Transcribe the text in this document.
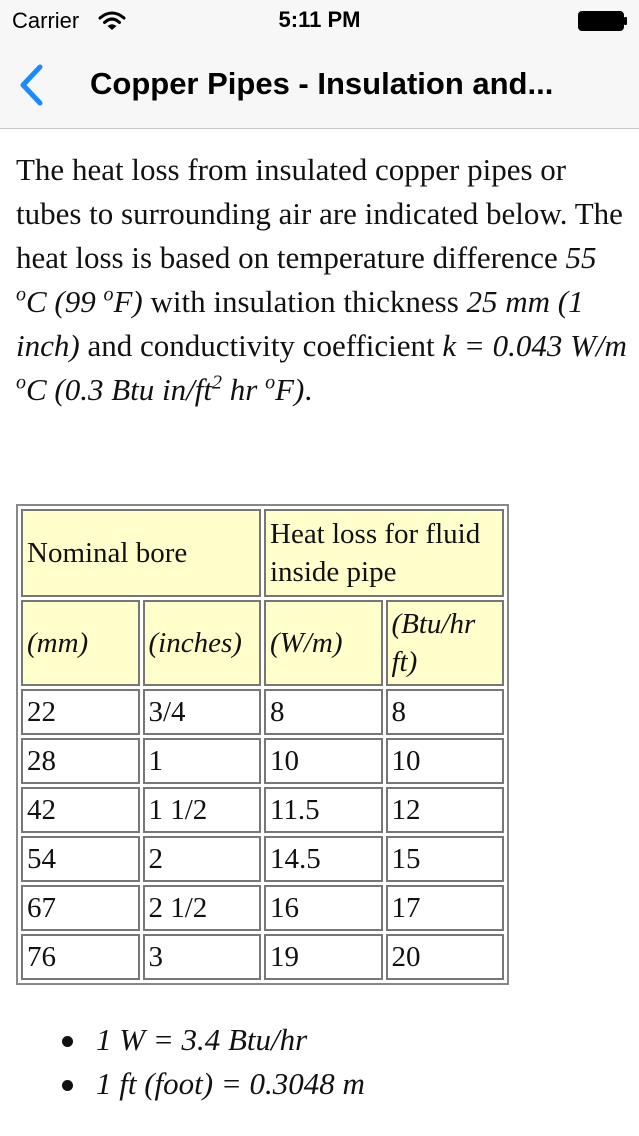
Carrier	5:11 PM
Copper Pipes - Insulation and...

The heat loss from insulated copper pipes or tubes to surrounding air are indicated below. The heat loss is based on temperature difference 55 $^o$C (99 $^o$F) with insulation thickness 25 mm (1 inch) and conductivity coefficient k = 0.043 W/m $^o$C (0.3 Btu $in/ft^2$ hr $^o$F).

Nominal bore		Heat loss for fluid inside pipe	
(mm)	(inches)	(W/m)	(Btu/hr ft)
22	3/4	8	8
28	1	10	10
42	1 1/2	11.5	12
54	2	14.5	15
67	2 1/2	16	17
76	3	19	20
1 W = 3.4 Btu/hr
1 ft (foot) = 0.3048 m
